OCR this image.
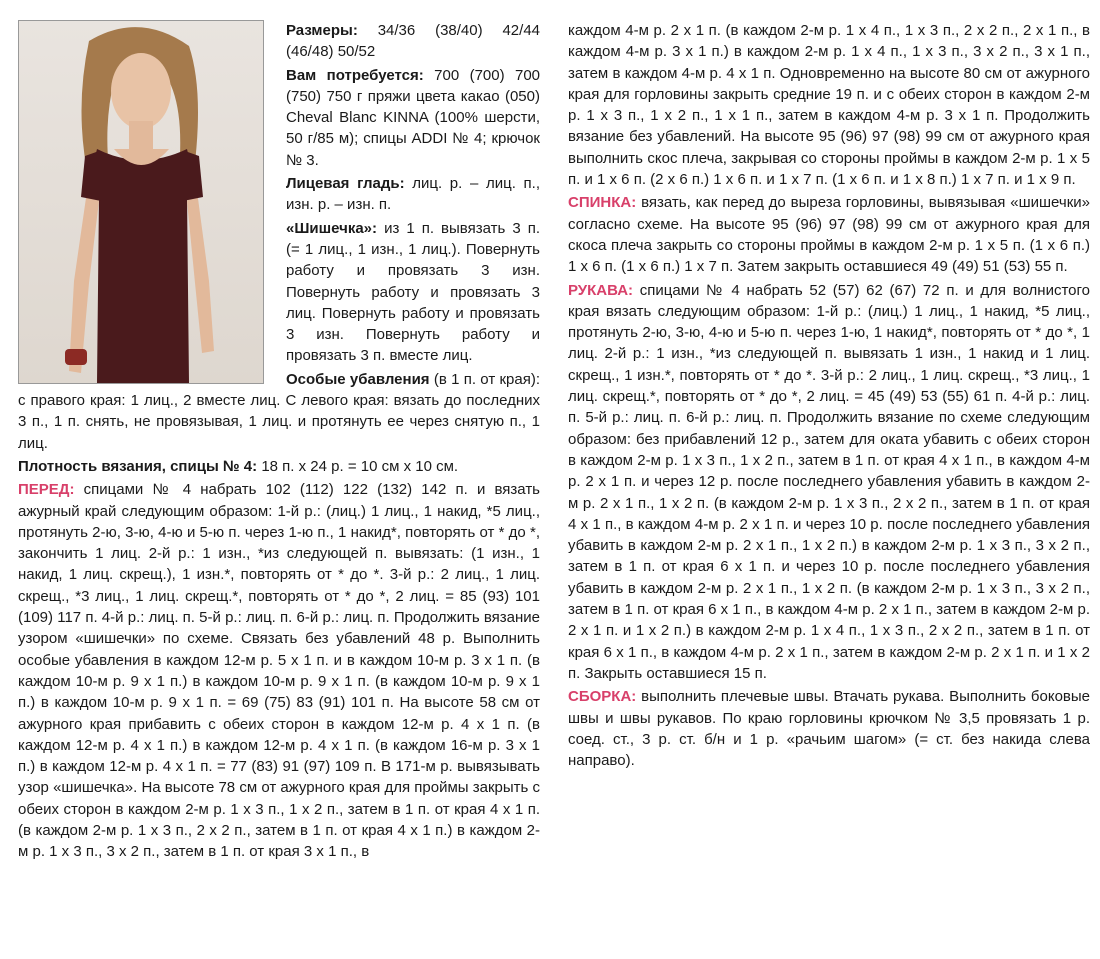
Размеры: 34/36 (38/40) 42/44 (46/48) 50/52

Вам потребуется: 700 (700) 700 (750) 750 г пряжи цвета какао (050) Cheval Blanc KINNA (100% шерсти, 50 г/85 м); спицы ADDI № 4; крючок № 3.

Лицевая гладь: лиц. р. – лиц. п., изн. р. – изн. п.

«Шишечка»: из 1 п. вывязать 3 п. (= 1 лиц., 1 изн., 1 лиц.). Повернуть работу и провязать 3 изн. Повернуть работу и провязать 3 лиц. Повернуть работу и провязать 3 изн. Повернуть работу и провязать 3 п. вместе лиц.

Особые убавления (в 1 п. от края): с правого края: 1 лиц., 2 вместе лиц. С левого края: вязать до последних 3 п., 1 п. снять, не провязывая, 1 лиц. и протянуть ее через снятую п., 1 лиц.

Плотность вязания, спицы № 4: 18 п. х 24 р. = 10 см х 10 см.

ПЕРЕД: спицами № 4 набрать 102 (112) 122 (132) 142 п. и вязать ажурный край следующим образом: 1-й р.: (лиц.) 1 лиц., 1 накид, *5 лиц., протянуть 2-ю, 3-ю, 4-ю и 5-ю п. через 1-ю п., 1 накид*, повторять от * до *, закончить 1 лиц. 2-й р.: 1 изн., *из следующей п. вывязать: (1 изн., 1 накид, 1 лиц. скрещ.), 1 изн.*, повторять от * до *. 3-й р.: 2 лиц., 1 лиц. скрещ., *3 лиц., 1 лиц. скрещ.*, повторять от * до *, 2 лиц. = 85 (93) 101 (109) 117 п. 4-й р.: лиц. п. 5-й р.: лиц. п. 6-й р.: лиц. п. Продолжить вязание узором «шишечки» по схеме. Связать без убавлений 48 р. Выполнить особые убавления в каждом 12-м р. 5 х 1 п. и в каждом 10-м р. 3 х 1 п. (в каждом 10-м р. 9 х 1 п.) в каждом 10-м р. 9 х 1 п. (в каждом 10-м р. 9 х 1 п.) в каждом 10-м р. 9 х 1 п. = 69 (75) 83 (91) 101 п. На высоте 58 см от ажурного края прибавить с обеих сторон в каждом 12-м р. 4 х 1 п. (в каждом 12-м р. 4 х 1 п.) в каждом 12-м р. 4 х 1 п. (в каждом 16-м р. 3 х 1 п.) в каждом 12-м р. 4 х 1 п. = 77 (83) 91 (97) 109 п. В 171-м р. вывязывать узор «шишечка». На высоте 78 см от ажурного края для проймы закрыть с обеих сторон в каждом 2-м р. 1 х 3 п., 1 х 2 п., затем в 1 п. от края 4 х 1 п. (в каждом 2-м р. 1 х 3 п., 2 х 2 п., затем в 1 п. от края 4 х 1 п.) в каждом 2-м р. 1 х 3 п., 3 х 2 п., затем в 1 п. от края 3 х 1 п., в

каждом 4-м р. 2 х 1 п. (в каждом 2-м р. 1 х 4 п., 1 х 3 п., 2 х 2 п., 2 х 1 п., в каждом 4-м р. 3 х 1 п.) в каждом 2-м р. 1 х 4 п., 1 х 3 п., 3 х 2 п., 3 х 1 п., затем в каждом 4-м р. 4 х 1 п. Одновременно на высоте 80 см от ажурного края для горловины закрыть средние 19 п. и с обеих сторон в каждом 2-м р. 1 х 3 п., 1 х 2 п., 1 х 1 п., затем в каждом 4-м р. 3 х 1 п. Продолжить вязание без убавлений. На высоте 95 (96) 97 (98) 99 см от ажурного края выполнить скос плеча, закрывая со стороны проймы в каждом 2-м р. 1 х 5 п. и 1 х 6 п. (2 х 6 п.) 1 х 6 п. и 1 х 7 п. (1 х 6 п. и 1 х 8 п.) 1 х 7 п. и 1 х 9 п.

СПИНКА: вязать, как перед до выреза горловины, вывязывая «шишечки» согласно схеме. На высоте 95 (96) 97 (98) 99 см от ажурного края для скоса плеча закрыть со стороны проймы в каждом 2-м р. 1 х 5 п. (1 х 6 п.) 1 х 6 п. (1 х 6 п.) 1 х 7 п. Затем закрыть оставшиеся 49 (49) 51 (53) 55 п.

РУКАВА: спицами № 4 набрать 52 (57) 62 (67) 72 п. и для волнистого края вязать следующим образом: 1-й р.: (лиц.) 1 лиц., 1 накид, *5 лиц., протянуть 2-ю, 3-ю, 4-ю и 5-ю п. через 1-ю, 1 накид*, повторять от * до *, 1 лиц. 2-й р.: 1 изн., *из следующей п. вывязать 1 изн., 1 накид и 1 лиц. скрещ., 1 изн.*, повторять от * до *. 3-й р.: 2 лиц., 1 лиц. скрещ., *3 лиц., 1 лиц. скрещ.*, повторять от * до *, 2 лиц. = 45 (49) 53 (55) 61 п. 4-й р.: лиц. п. 5-й р.: лиц. п. 6-й р.: лиц. п. Продолжить вязание по схеме следующим образом: без прибавлений 12 р., затем для оката убавить с обеих сторон в каждом 2-м р. 1 х 3 п., 1 х 2 п., затем в 1 п. от края 4 х 1 п., в каждом 4-м р. 2 х 1 п. и через 12 р. после последнего убавления убавить в каждом 2-м р. 2 х 1 п., 1 х 2 п. (в каждом 2-м р. 1 х 3 п., 2 х 2 п., затем в 1 п. от края 4 х 1 п., в каждом 4-м р. 2 х 1 п. и через 10 р. после последнего убавления убавить в каждом 2-м р. 2 х 1 п., 1 х 2 п.) в каждом 2-м р. 1 х 3 п., 3 х 2 п., затем в 1 п. от края 6 х 1 п. и через 10 р. после последнего убавления убавить в каждом 2-м р. 2 х 1 п., 1 х 2 п. (в каждом 2-м р. 1 х 3 п., 3 х 2 п., затем в 1 п. от края 6 х 1 п., в каждом 4-м р. 2 х 1 п., затем в каждом 2-м р. 2 х 1 п. и 1 х 2 п.) в каждом 2-м р. 1 х 4 п., 1 х 3 п., 2 х 2 п., затем в 1 п. от края 6 х 1 п., в каждом 4-м р. 2 х 1 п., затем в каждом 2-м р. 2 х 1 п. и 1 х 2 п. Закрыть оставшиеся 15 п.

СБОРКА: выполнить плечевые швы. Втачать рукава. Выполнить боковые швы и швы рукавов. По краю горловины крючком № 3,5 провязать 1 р. соед. ст., 3 р. ст. б/н и 1 р. «рачьим шагом» (= ст. без накида слева направо).
